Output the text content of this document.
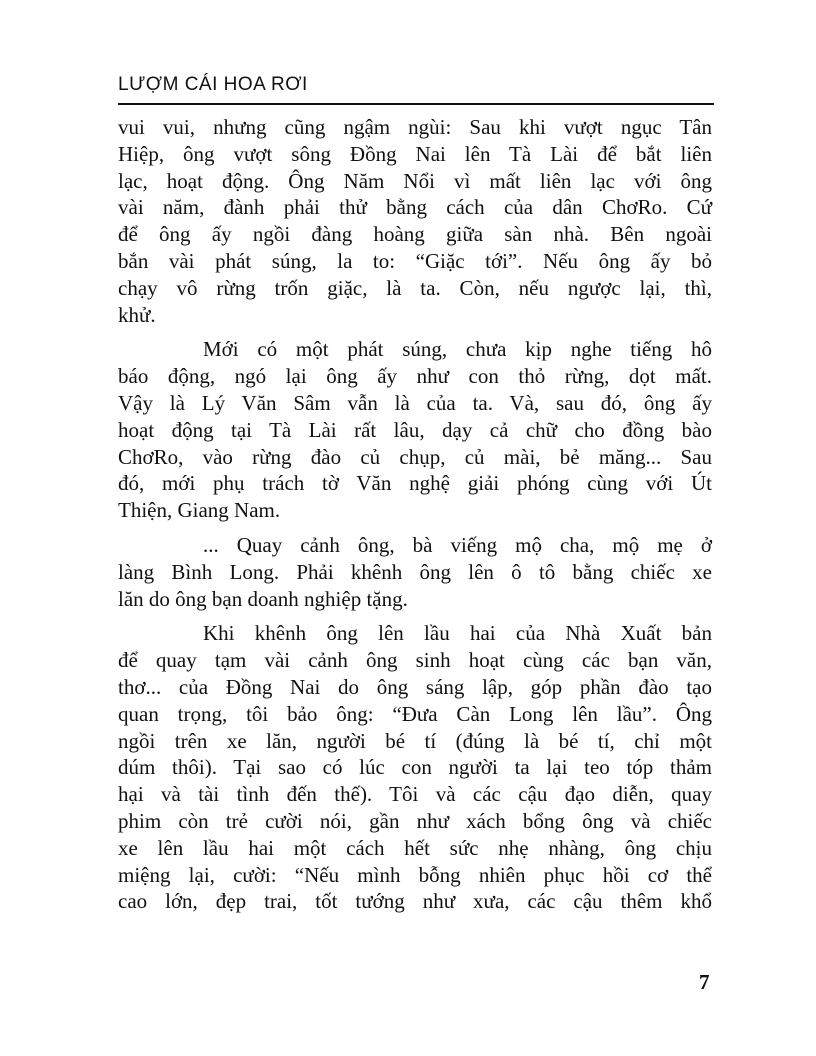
LƯỢM CÁI HOA RƠI
vui vui, nhưng cũng ngậm ngùi: Sau khi vượt ngục Tân
Hiệp, ông vượt sông Đồng Nai lên Tà Lài để bắt liên
lạc, hoạt động. Ông Năm Nổi vì mất liên lạc với ông
vài năm, đành phải thử bằng cách của dân ChơRo. Cứ
để ông ấy ngồi đàng hoàng giữa sàn nhà. Bên ngoài
bắn vài phát súng, la to: “Giặc tới”. Nếu ông ấy bỏ
chạy vô rừng trốn giặc, là ta. Còn, nếu ngược lại, thì,
khử.
Mới có một phát súng, chưa kịp nghe tiếng hô
báo động, ngó lại ông ấy như con thỏ rừng, dọt mất.
Vậy là Lý Văn Sâm vẫn là của ta. Và, sau đó, ông ấy
hoạt động tại Tà Lài rất lâu, dạy cả chữ cho đồng bào
ChơRo, vào rừng đào củ chụp, củ mài, bẻ măng... Sau
đó, mới phụ trách tờ Văn nghệ giải phóng cùng với Út
Thiện, Giang Nam.
... Quay cảnh ông, bà viếng mộ cha, mộ mẹ ở
làng Bình Long. Phải khênh ông lên ô tô bằng chiếc xe
lăn do ông bạn doanh nghiệp tặng.
Khi khênh ông lên lầu hai của Nhà Xuất bản
để quay tạm vài cảnh ông sinh hoạt cùng các bạn văn,
thơ... của Đồng Nai do ông sáng lập, góp phần đào tạo
quan trọng, tôi bảo ông: “Đưa Càn Long lên lầu”. Ông
ngồi trên xe lăn, người bé tí (đúng là bé tí, chỉ một
dúm thôi). Tại sao có lúc con người ta lại teo tóp thảm
hại và tài tình đến thế). Tôi và các cậu đạo diễn, quay
phim còn trẻ cười nói, gần như xách bổng ông và chiếc
xe lên lầu hai một cách hết sức nhẹ nhàng, ông chịu
miệng lại, cười: “Nếu mình bỗng nhiên phục hồi cơ thể
cao lớn, đẹp trai, tốt tướng như xưa, các cậu thêm khổ
7
